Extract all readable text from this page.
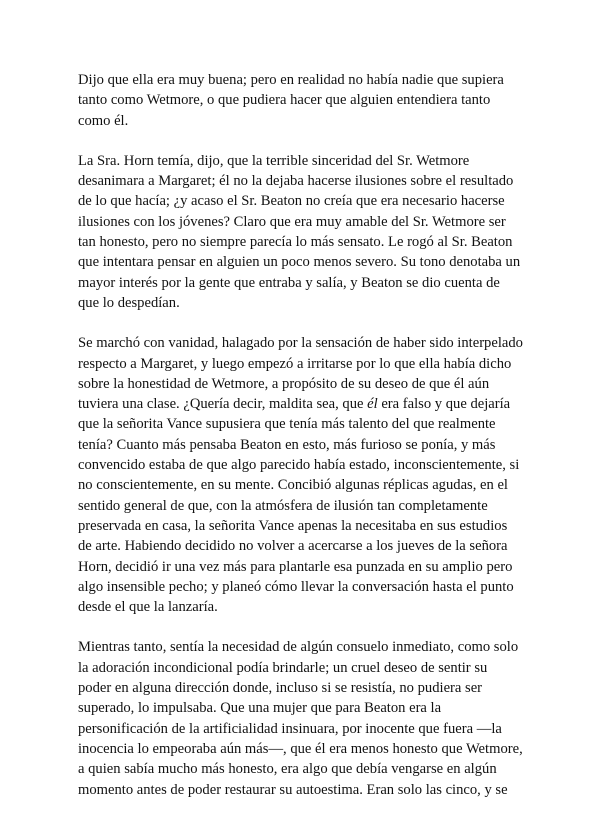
Dijo que ella era muy buena; pero en realidad no había nadie que supiera
tanto como Wetmore, o que pudiera hacer que alguien entendiera tanto
como él.

La Sra. Horn temía, dijo, que la terrible sinceridad del Sr. Wetmore
desanimara a Margaret; él no la dejaba hacerse ilusiones sobre el resultado
de lo que hacía; ¿y acaso el Sr. Beaton no creía que era necesario hacerse
ilusiones con los jóvenes? Claro que era muy amable del Sr. Wetmore ser
tan honesto, pero no siempre parecía lo más sensato. Le rogó al Sr. Beaton
que intentara pensar en alguien un poco menos severo. Su tono denotaba un
mayor interés por la gente que entraba y salía, y Beaton se dio cuenta de
que lo despedían.

Se marchó con vanidad, halagado por la sensación de haber sido interpelado
respecto a Margaret, y luego empezó a irritarse por lo que ella había dicho
sobre la honestidad de Wetmore, a propósito de su deseo de que él aún
tuviera una clase. ¿Quería decir, maldita sea, que él era falso y que dejaría
que la señorita Vance supusiera que tenía más talento del que realmente
tenía? Cuanto más pensaba Beaton en esto, más furioso se ponía, y más
convencido estaba de que algo parecido había estado, inconscientemente, si
no conscientemente, en su mente. Concibió algunas réplicas agudas, en el
sentido general de que, con la atmósfera de ilusión tan completamente
preservada en casa, la señorita Vance apenas la necesitaba en sus estudios
de arte. Habiendo decidido no volver a acercarse a los jueves de la señora
Horn, decidió ir una vez más para plantarle esa punzada en su amplio pero
algo insensible pecho; y planeó cómo llevar la conversación hasta el punto
desde el que la lanzaría.

Mientras tanto, sentía la necesidad de algún consuelo inmediato, como solo
la adoración incondicional podía brindarle; un cruel deseo de sentir su
poder en alguna dirección donde, incluso si se resistía, no pudiera ser
superado, lo impulsaba. Que una mujer que para Beaton era la
personificación de la artificialidad insinuara, por inocente que fuera —la
inocencia lo empeoraba aún más—, que él era menos honesto que Wetmore,
a quien sabía mucho más honesto, era algo que debía vengarse en algún
momento antes de poder restaurar su autoestima. Eran solo las cinco, y se
